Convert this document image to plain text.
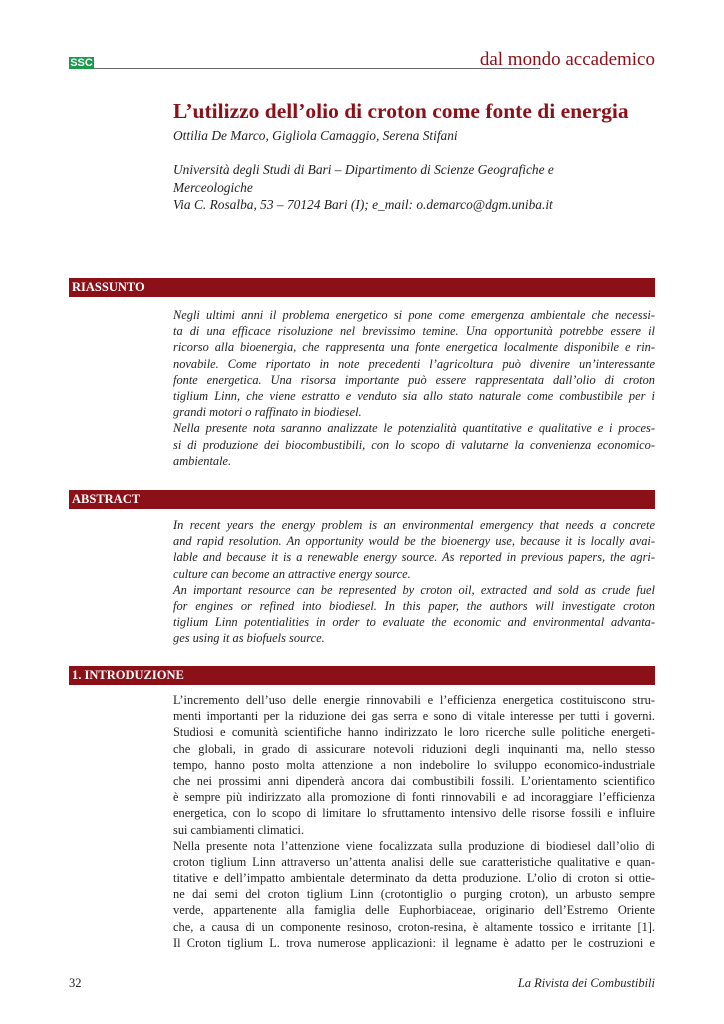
SSC	dal mondo accademico
L’utilizzo dell’olio di croton come fonte di energia
Ottilia De Marco, Gigliola Camaggio, Serena Stifani
Università degli Studi di Bari – Dipartimento di Scienze Geografiche e
Merceologiche
Via C. Rosalba, 53 – 70124 Bari (I); e_mail: o.demarco@dgm.uniba.it
RIASSUNTO
Negli ultimi anni il problema energetico si pone come emergenza ambientale che necessi-
ta di una efficace risoluzione nel brevissimo temine. Una opportunità potrebbe essere il
ricorso alla bioenergia, che rappresenta una fonte energetica localmente disponibile e rin-
novabile. Come riportato in note precedenti l’agricoltura può divenire un’interessante
fonte energetica. Una risorsa importante può essere rappresentata dall’olio di croton
tiglium Linn, che viene estratto e venduto sia allo stato naturale come combustibile per i
grandi motori o raffinato in biodiesel.
Nella presente nota saranno analizzate le potenzialità quantitative e qualitative e i proces-
si di produzione dei biocombustibili, con lo scopo di valutarne la convenienza economico-
ambientale.
ABSTRACT
In recent years the energy problem is an environmental emergency that needs a concrete
and rapid resolution. An opportunity would be the bioenergy use, because it is locally avai-
lable and because it is a renewable energy source. As reported in previous papers, the agri-
culture can become an attractive energy source.
An important resource can be represented by croton oil, extracted and sold as crude fuel
for engines or refined into biodiesel. In this paper, the authors will investigate croton
tiglium Linn potentialities in order to evaluate the economic and environmental advanta-
ges using it as biofuels source.
1. INTRODUZIONE
L’incremento dell’uso delle energie rinnovabili e l’efficienza energetica costituiscono stru-
menti importanti per la riduzione dei gas serra e sono di vitale interesse per tutti i governi.
Studiosi e comunità scientifiche hanno indirizzato le loro ricerche sulle politiche energeti-
che globali, in grado di assicurare notevoli riduzioni degli inquinanti ma, nello stesso
tempo, hanno posto molta attenzione a non indebolire lo sviluppo economico-industriale
che nei prossimi anni dipenderà ancora dai combustibili fossili. L’orientamento scientifico
è sempre più indirizzato alla promozione di fonti rinnovabili e ad incoraggiare l’efficienza
energetica, con lo scopo di limitare lo sfruttamento intensivo delle risorse fossili e influire
sui cambiamenti climatici.
Nella presente nota l’attenzione viene focalizzata sulla produzione di biodiesel dall’olio di
croton tiglium Linn attraverso un’attenta analisi delle sue caratteristiche qualitative e quan-
titative e dell’impatto ambientale determinato da detta produzione. L’olio di croton si ottie-
ne dai semi del croton tiglium Linn (crotontiglio o purging croton), un arbusto sempre
verde, appartenente alla famiglia delle Euphorbiaceae, originario dell’Estremo Oriente
che, a causa di un componente resinoso, croton-resina, è altamente tossico e irritante [1].
Il Croton tiglium L. trova numerose applicazioni: il legname è adatto per le costruzioni e
32	La Rivista dei Combustibili
